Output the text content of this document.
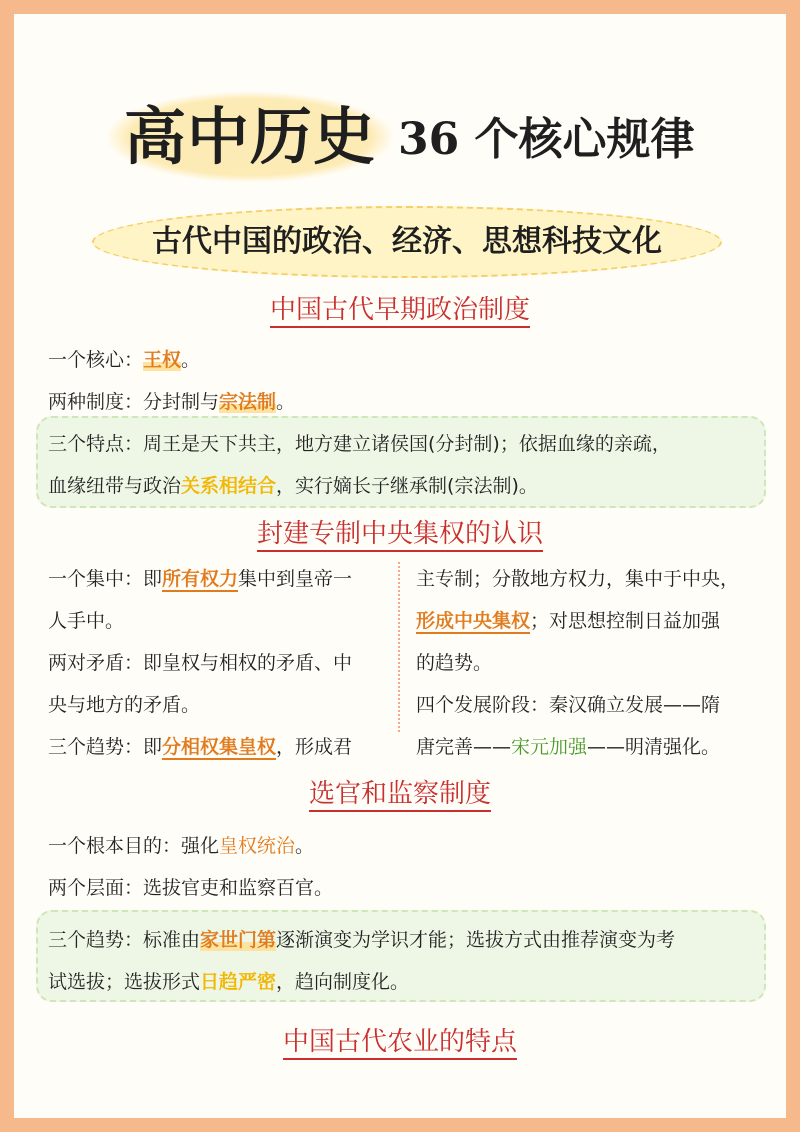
高中历史 36 个核心规律
古代中国的政治、经济、思想科技文化
中国古代早期政治制度
一个核心：王权。
两种制度：分封制与宗法制。
三个特点：周王是天下共主，地方建立诸侯国(分封制)；依据血缘的亲疏，
血缘纽带与政治关系相结合，实行嫡长子继承制(宗法制)。
封建专制中央集权的认识
一个集中：即所有权力集中到皇帝一
人手中。
两对矛盾：即皇权与相权的矛盾、中
央与地方的矛盾。
三个趋势：即分相权集皇权，形成君
主专制；分散地方权力，集中于中央，
形成中央集权；对思想控制日益加强
的趋势。
四个发展阶段：秦汉确立发展——隋
唐完善——宋元加强——明清强化。
选官和监察制度
一个根本目的：强化皇权统治。
两个层面：选拔官吏和监察百官。
三个趋势：标准由家世门第逐渐演变为学识才能；选拔方式由推荐演变为考
试选拔；选拔形式日趋严密，趋向制度化。
中国古代农业的特点
